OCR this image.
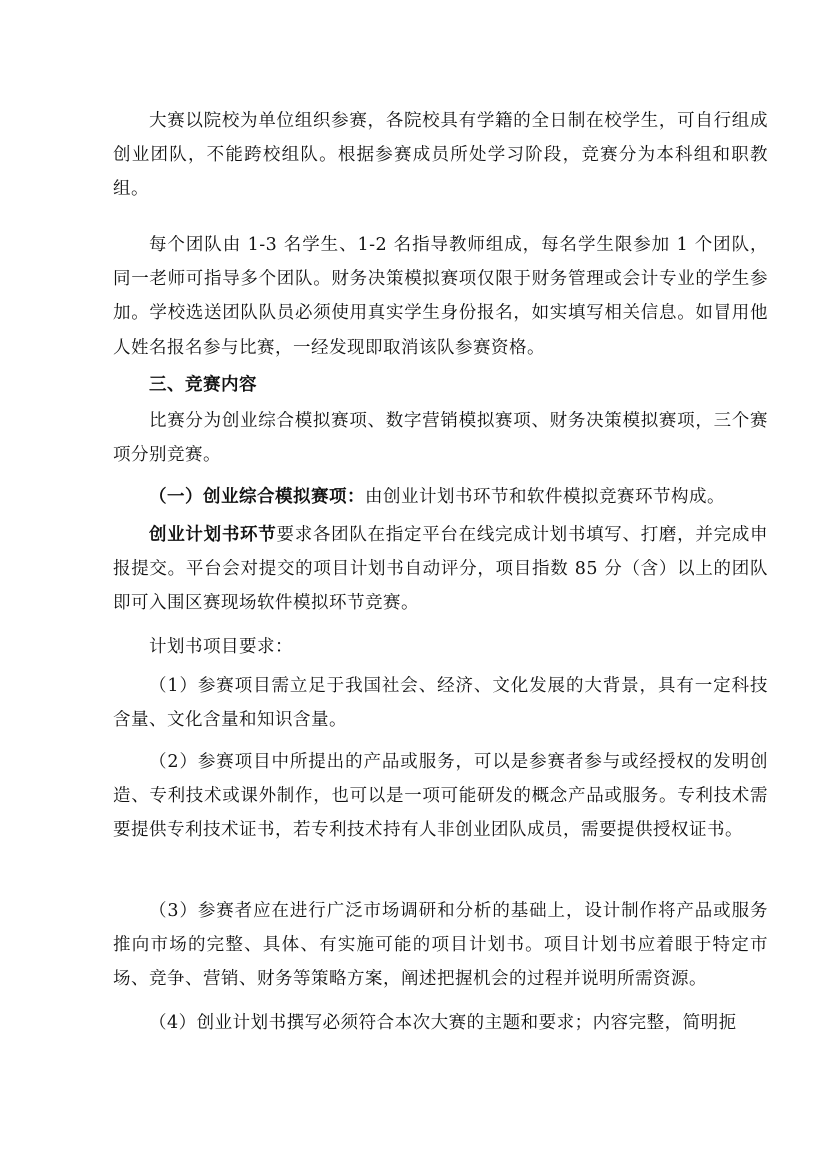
大赛以院校为单位组织参赛，各院校具有学籍的全日制在校学生，可自行组成创业团队，不能跨校组队。根据参赛成员所处学习阶段，竞赛分为本科组和职教组。

每个团队由 1-3 名学生、1-2 名指导教师组成，每名学生限参加 1 个团队，同一老师可指导多个团队。财务决策模拟赛项仅限于财务管理或会计专业的学生参加。学校选送团队队员必须使用真实学生身份报名，如实填写相关信息。如冒用他人姓名报名参与比赛，一经发现即取消该队参赛资格。

三、竞赛内容

比赛分为创业综合模拟赛项、数字营销模拟赛项、财务决策模拟赛项，三个赛项分别竞赛。

（一）创业综合模拟赛项：由创业计划书环节和软件模拟竞赛环节构成。

创业计划书环节要求各团队在指定平台在线完成计划书填写、打磨，并完成申报提交。平台会对提交的项目计划书自动评分，项目指数 85 分（含）以上的团队即可入围区赛现场软件模拟环节竞赛。

计划书项目要求：

（1）参赛项目需立足于我国社会、经济、文化发展的大背景，具有一定科技含量、文化含量和知识含量。

（2）参赛项目中所提出的产品或服务，可以是参赛者参与或经授权的发明创造、专利技术或课外制作，也可以是一项可能研发的概念产品或服务。专利技术需要提供专利技术证书，若专利技术持有人非创业团队成员，需要提供授权证书。

（3）参赛者应在进行广泛市场调研和分析的基础上，设计制作将产品或服务推向市场的完整、具体、有实施可能的项目计划书。项目计划书应着眼于特定市场、竞争、营销、财务等策略方案，阐述把握机会的过程并说明所需资源。

（4）创业计划书撰写必须符合本次大赛的主题和要求；内容完整，简明扼
